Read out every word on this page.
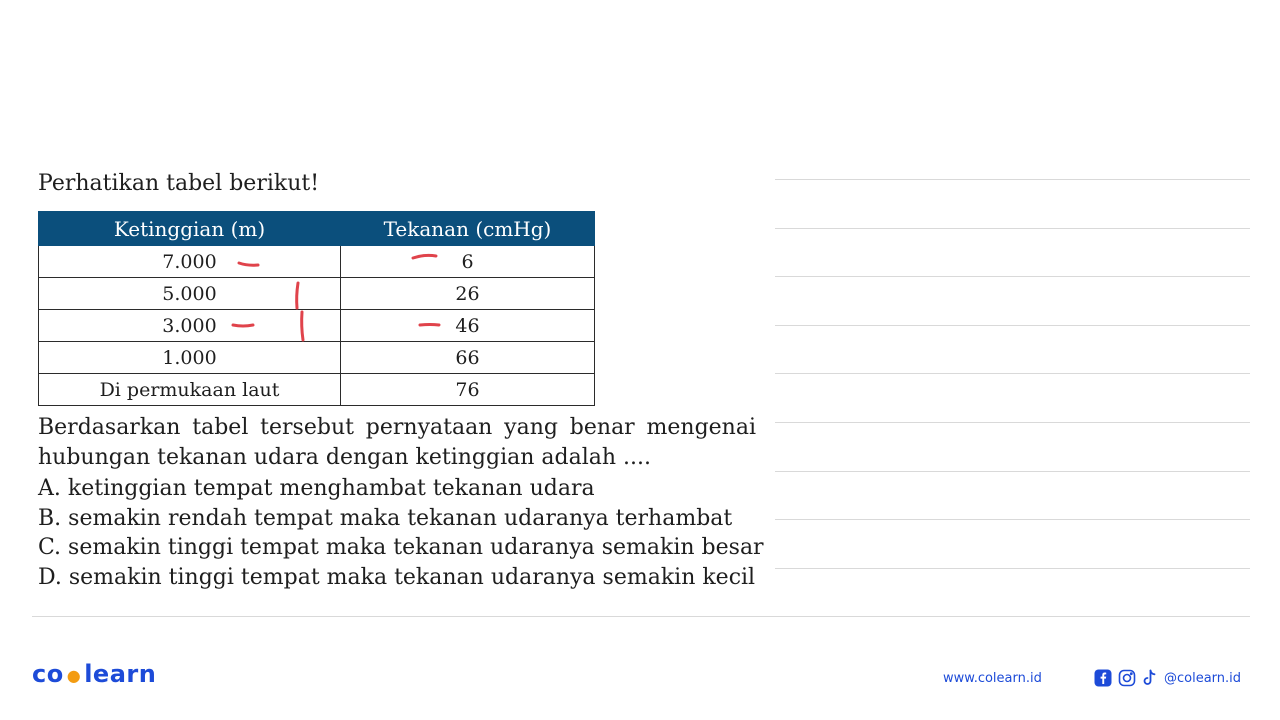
Perhatikan tabel berikut!

Ketinggian (m)	Tekanan (cmHg)
7.000	6
5.000	26
3.000	46
1.000	66
Di permukaan laut	76

Berdasarkan tabel tersebut pernyataan yang benar mengenai hubungan tekanan udara dengan ketinggian adalah ....

A. ketinggian tempat menghambat tekanan udara
B. semakin rendah tempat maka tekanan udaranya terhambat
C. semakin tinggi tempat maka tekanan udaranya semakin besar
D. semakin tinggi tempat maka tekanan udaranya semakin kecil
co ● learn	www.colearn.id	@colearn.id
